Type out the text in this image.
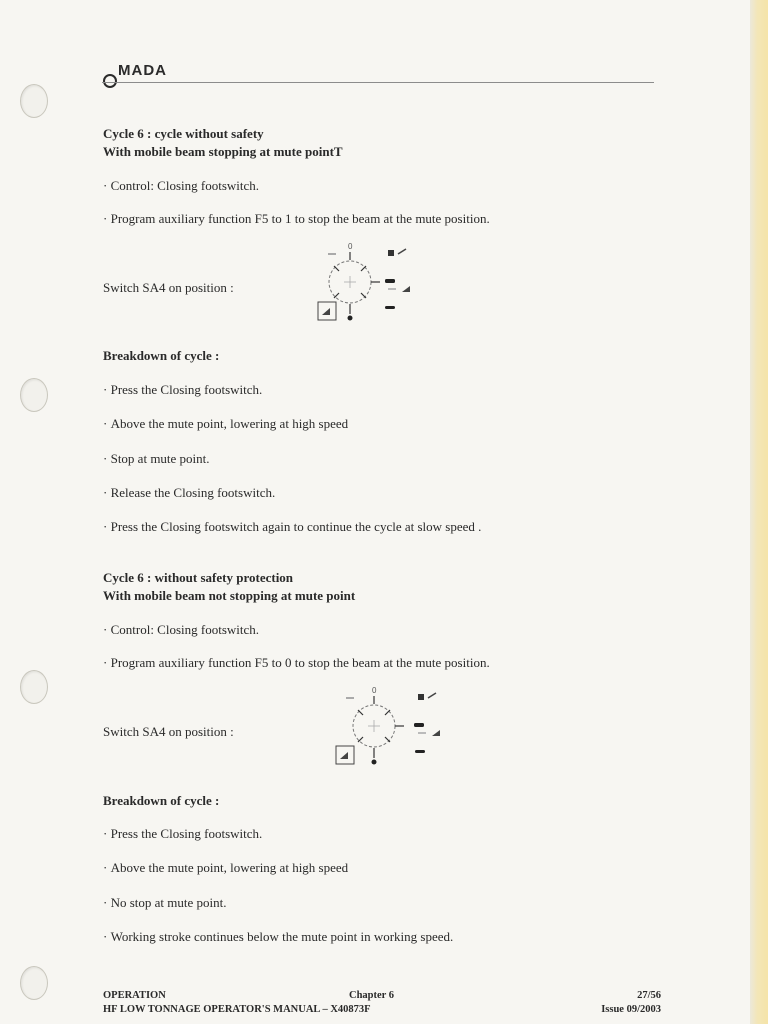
MADA
Cycle 6 : cycle without safety
With mobile beam stopping at mute pointT
· Control: Closing footswitch.
· Program auxiliary function F5 to 1 to stop the beam at the mute position.
Switch SA4 on position :
0
Breakdown of cycle :
· Press the Closing footswitch.
· Above the mute point, lowering at high speed
· Stop at mute point.
· Release the Closing footswitch.
· Press the Closing footswitch again to continue the cycle at slow speed .
Cycle 6 : without safety protection
With mobile beam not stopping at mute point
· Control: Closing footswitch.
· Program auxiliary function F5 to 0 to stop the beam at the mute position.
Switch SA4 on position :
0
Breakdown of cycle :
· Press the Closing footswitch.
· Above the mute point, lowering at high speed
· No stop at mute point.
· Working stroke continues below the mute point in working speed.
OPERATION
HF LOW TONNAGE OPERATOR'S MANUAL – X40873F
Chapter 6	27/56
Issue 09/2003
